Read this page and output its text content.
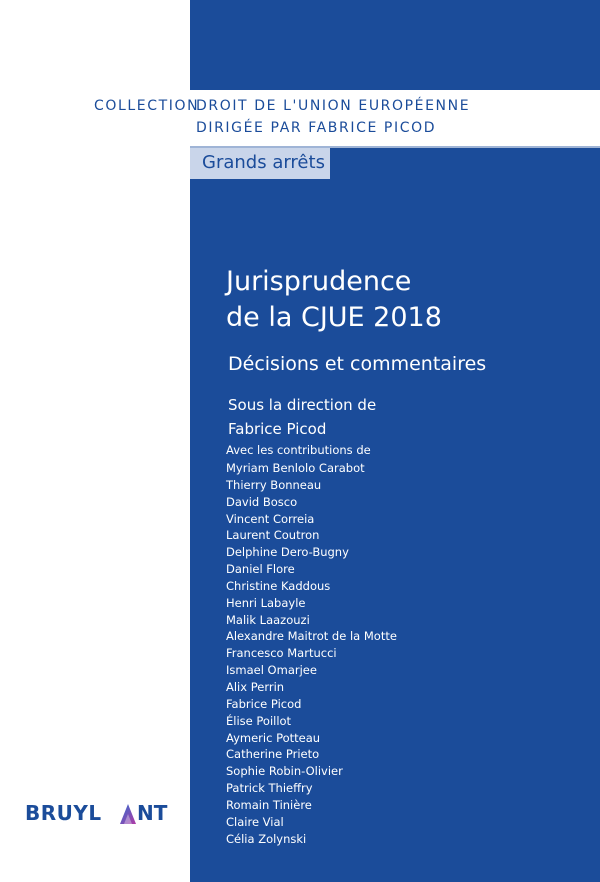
COLLECTION
DROIT DE L'UNION EUROPÉENNE
DIRIGÉE PAR FABRICE PICOD
Grands arrêts
Jurisprudence
de la CJUE 2018
Décisions et commentaires
Sous la direction de
Fabrice Picod
Avec les contributions de
Myriam Benlolo Carabot
Thierry Bonneau
David Bosco
Vincent Correia
Laurent Coutron
Delphine Dero-Bugny
Daniel Flore
Christine Kaddous
Henri Labayle
Malik Laazouzi
Alexandre Maitrot de la Motte
Francesco Martucci
Ismael Omarjee
Alix Perrin
Fabrice Picod
Élise Poillot
Aymeric Potteau
Catherine Prieto
Sophie Robin-Olivier
Patrick Thieffry
Romain Tinière
Claire Vial
Célia Zolynski
BRUYL NT
